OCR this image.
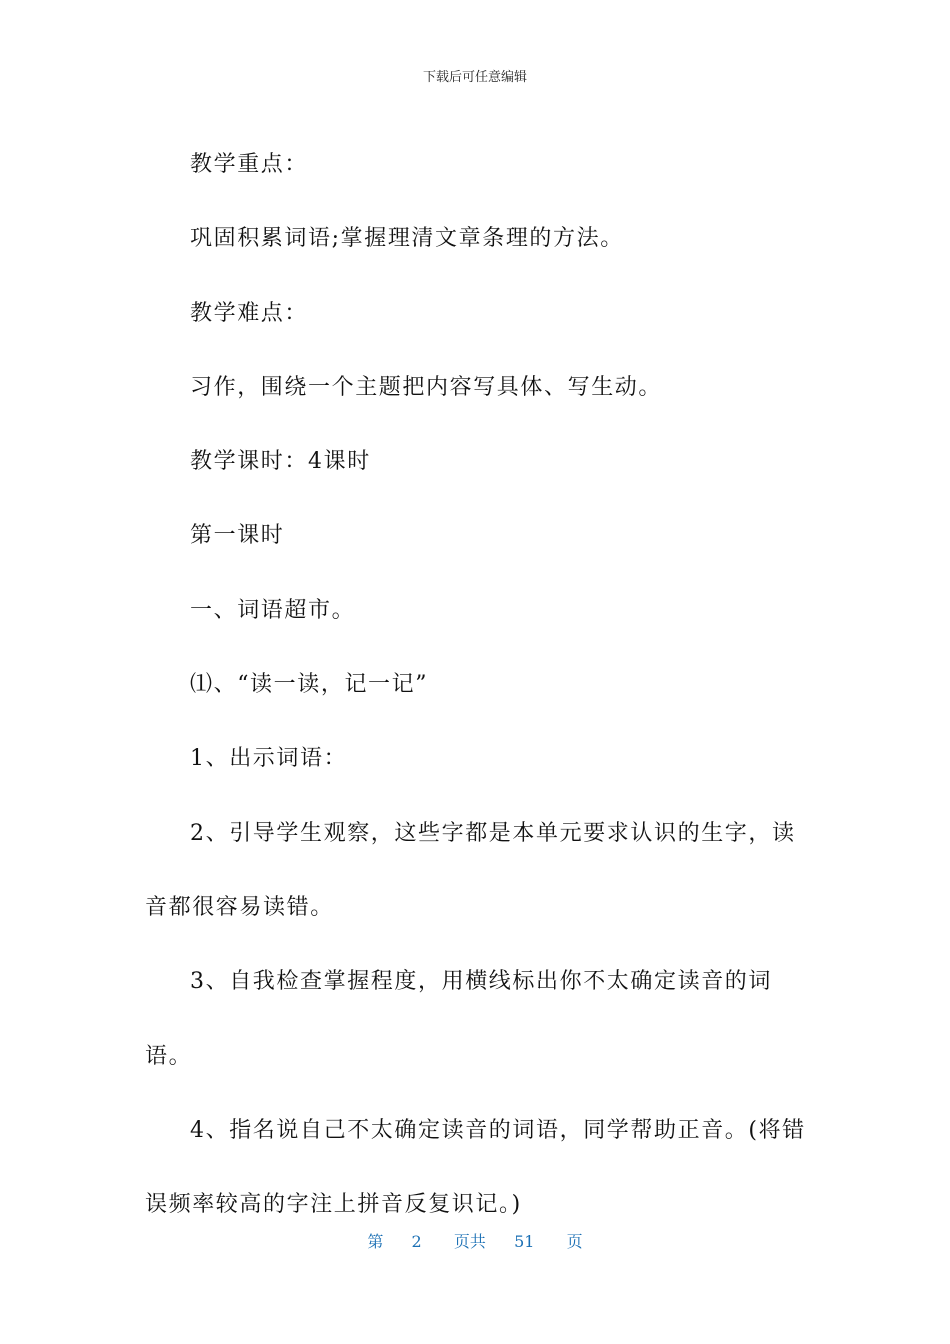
下载后可任意编辑

教学重点：

巩固积累词语;掌握理清文章条理的方法。

教学难点：

习作，围绕一个主题把内容写具体、写生动。

教学课时：4课时

第一课时

一、词语超市。

⑴、“读一读，记一记”

1、出示词语：

2、引导学生观察，这些字都是本单元要求认识的生字，读音都很容易读错。

3、自我检查掌握程度，用横线标出你不太确定读音的词语。

4、指名说自己不太确定读音的词语，同学帮助正音。(将错误频率较高的字注上拼音反复识记。)

第 2 页共 51 页
